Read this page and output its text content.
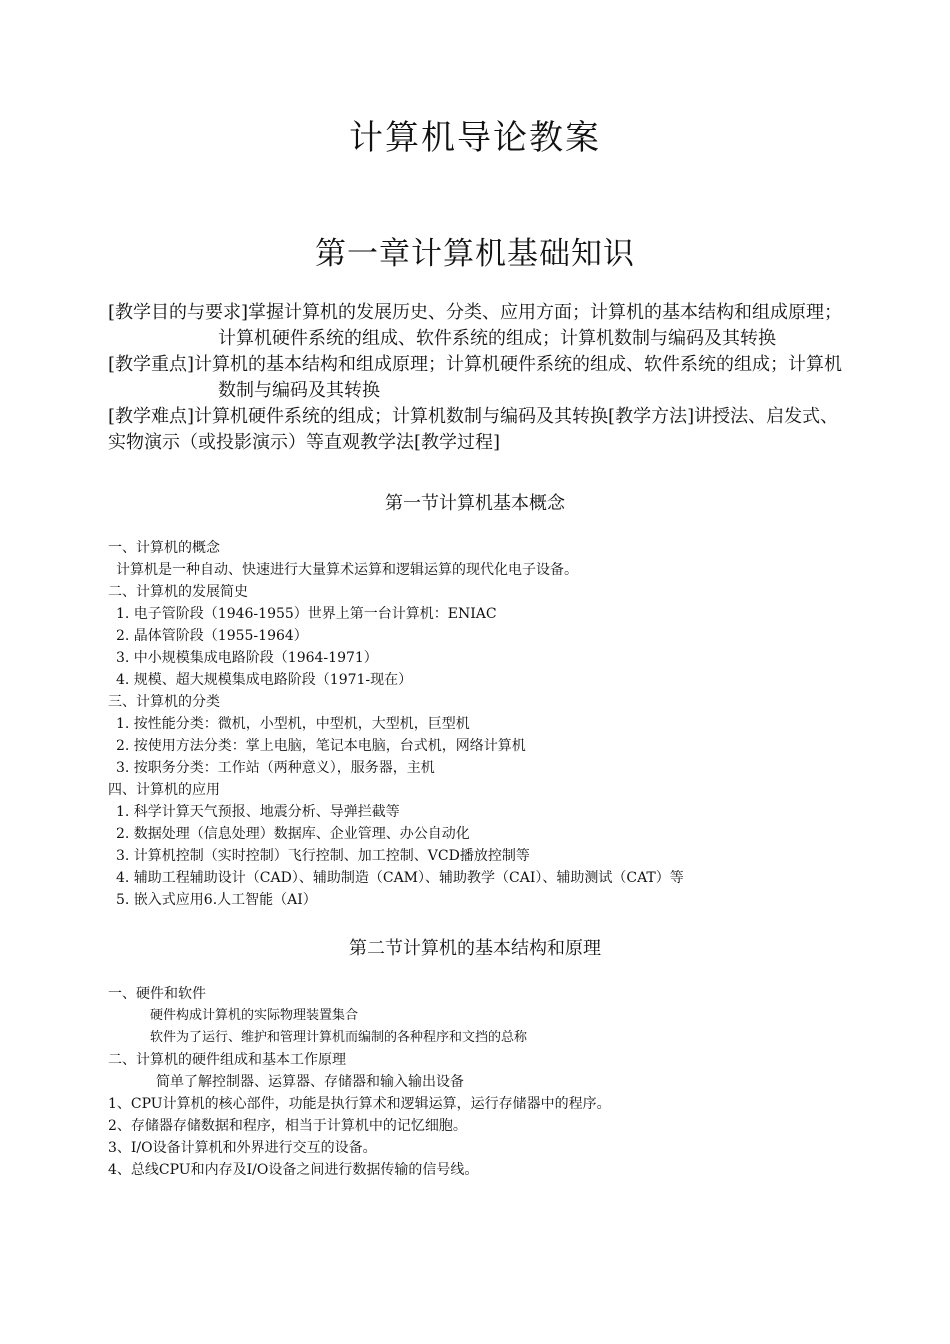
计算机导论教案
第一章计算机基础知识
[教学目的与要求]掌握计算机的发展历史、分类、应用方面；计算机的基本结构和组成原理；计算机硬件系统的组成、软件系统的组成；计算机数制与编码及其转换
[教学重点]计算机的基本结构和组成原理；计算机硬件系统的组成、软件系统的组成；计算机数制与编码及其转换
[教学难点]计算机硬件系统的组成；计算机数制与编码及其转换[教学方法]讲授法、启发式、实物演示（或投影演示）等直观教学法[教学过程]
第一节计算机基本概念
一、计算机的概念
计算机是一种自动、快速进行大量算术运算和逻辑运算的现代化电子设备。
二、计算机的发展简史
1. 电子管阶段（1946-1955）世界上第一台计算机：ENIAC
2. 晶体管阶段（1955-1964）
3. 中小规模集成电路阶段（1964-1971）
4. 规模、超大规模集成电路阶段（1971-现在）
三、计算机的分类
1. 按性能分类：微机，小型机，中型机，大型机，巨型机
2. 按使用方法分类：掌上电脑，笔记本电脑，台式机，网络计算机
3. 按职务分类：工作站（两种意义），服务器，主机
四、计算机的应用
1. 科学计算天气预报、地震分析、导弹拦截等
2. 数据处理（信息处理）数据库、企业管理、办公自动化
3. 计算机控制（实时控制）飞行控制、加工控制、VCD播放控制等
4. 辅助工程辅助设计（CAD）、辅助制造（CAM）、辅助教学（CAI）、辅助测试（CAT）等
5. 嵌入式应用6.人工智能（AI）
第二节计算机的基本结构和原理
一、硬件和软件
硬件构成计算机的实际物理装置集合
软件为了运行、维护和管理计算机而编制的各种程序和文挡的总称
二、计算机的硬件组成和基本工作原理
简单了解控制器、运算器、存储器和输入输出设备
1、CPU计算机的核心部件，功能是执行算术和逻辑运算，运行存储器中的程序。
2、存储器存储数据和程序，相当于计算机中的记忆细胞。
3、I/O设备计算机和外界进行交互的设备。
4、总线CPU和内存及I/O设备之间进行数据传输的信号线。
